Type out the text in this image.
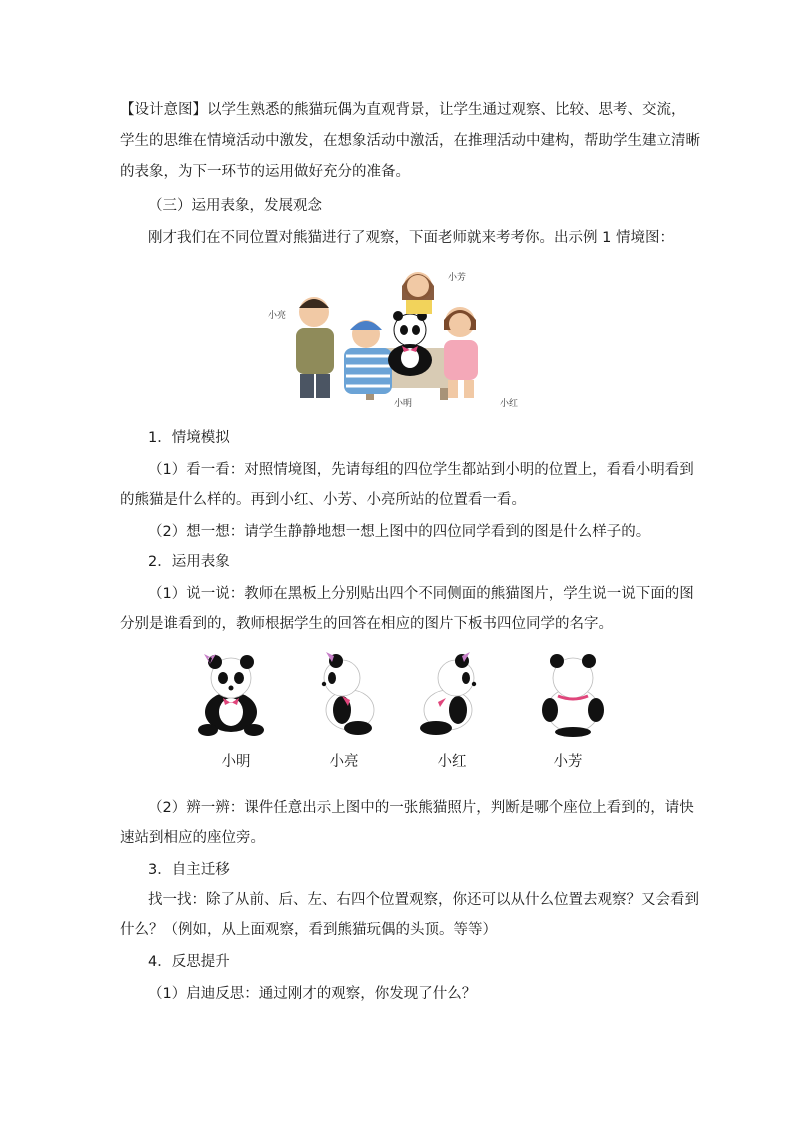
【设计意图】以学生熟悉的熊猫玩偶为直观背景，让学生通过观察、比较、思考、交流，
学生的思维在情境活动中激发，在想象活动中激活，在推理活动中建构，帮助学生建立清晰
的表象，为下一环节的运用做好充分的准备。
（三）运用表象，发展观念
刚才我们在不同位置对熊猫进行了观察，下面老师就来考考你。出示例 1 情境图：
小芳
小亮
小明	小红
1．情境模拟
（1）看一看：对照情境图，先请每组的四位学生都站到小明的位置上，看看小明看到
的熊猫是什么样的。再到小红、小芳、小亮所站的位置看一看。
（2）想一想：请学生静静地想一想上图中的四位同学看到的图是什么样子的。
2．运用表象
（1）说一说：教师在黑板上分别贴出四个不同侧面的熊猫图片，学生说一说下面的图
分别是谁看到的，教师根据学生的回答在相应的图片下板书四位同学的名字。
小明	小亮	小红	小芳
（2）辨一辨：课件任意出示上图中的一张熊猫照片，判断是哪个座位上看到的，请快
速站到相应的座位旁。
3．自主迁移
找一找：除了从前、后、左、右四个位置观察，你还可以从什么位置去观察？又会看到
什么？（例如，从上面观察，看到熊猫玩偶的头顶。等等）
4．反思提升
（1）启迪反思：通过刚才的观察，你发现了什么？
